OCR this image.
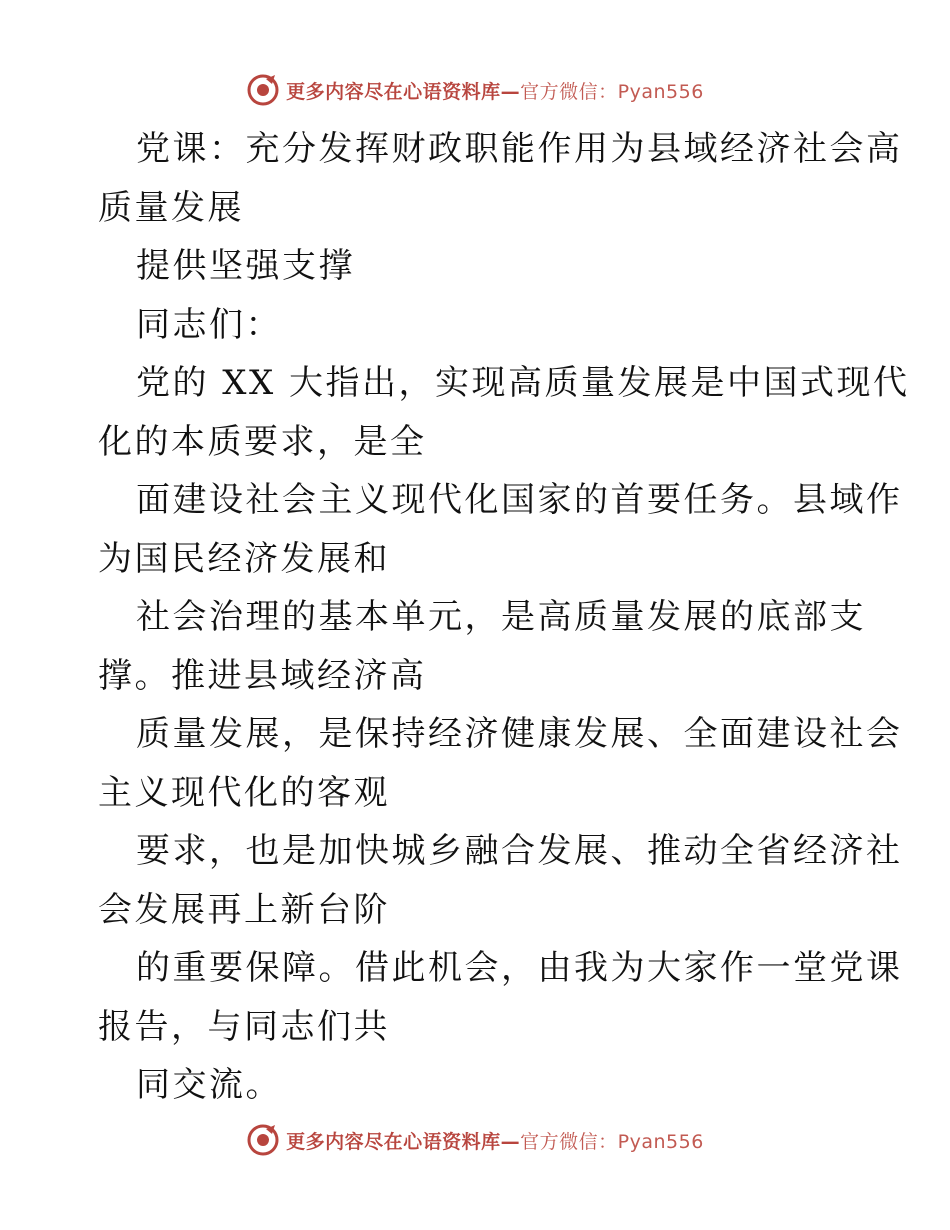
更多内容尽在心语资料库—官方微信：Pyan556

党课：充分发挥财政职能作用为县域经济社会高
质量发展

提供坚强支撑

同志们：

党的 XX 大指出，实现高质量发展是中国式现代
化的本质要求，是全

面建设社会主义现代化国家的首要任务。县域作
为国民经济发展和

社会治理的基本单元，是高质量发展的底部支
撑。推进县域经济高

质量发展，是保持经济健康发展、全面建设社会
主义现代化的客观

要求，也是加快城乡融合发展、推动全省经济社
会发展再上新台阶

的重要保障。借此机会，由我为大家作一堂党课
报告，与同志们共

同交流。

更多内容尽在心语资料库—官方微信：Pyan556
